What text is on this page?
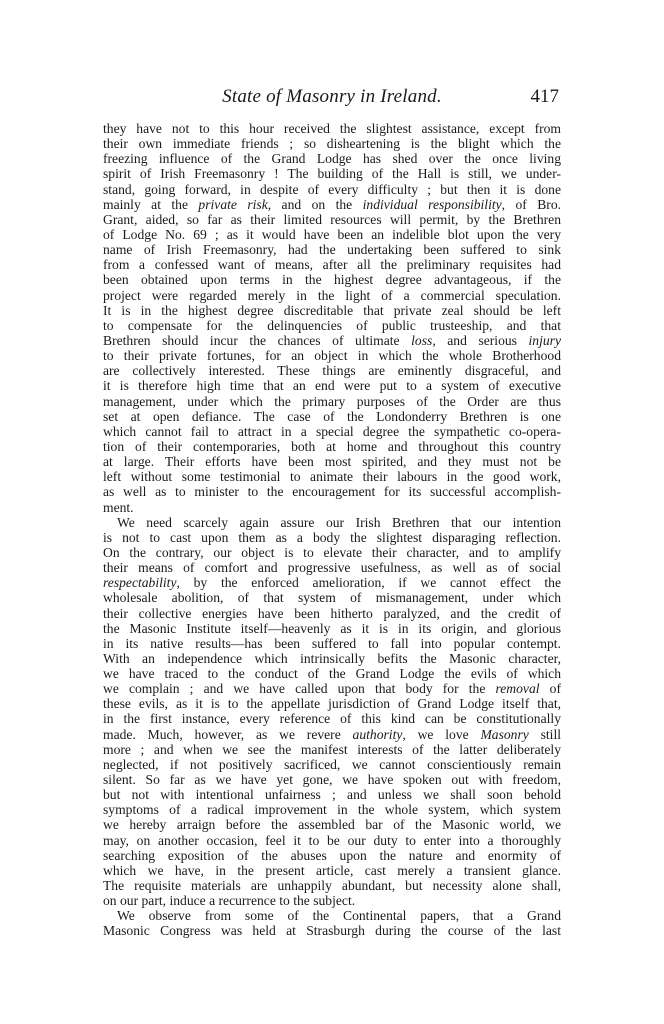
State of Masonry in Ireland.	417
they have not to this hour received the slightest assistance, except from
their own immediate friends ; so disheartening is the blight which the
freezing influence of the Grand Lodge has shed over the once living
spirit of Irish Freemasonry ! The building of the Hall is still, we under-
stand, going forward, in despite of every difficulty ; but then it is done
mainly at the private risk, and on the individual responsibility, of Bro.
Grant, aided, so far as their limited resources will permit, by the Brethren
of Lodge No. 69 ; as it would have been an indelible blot upon the very
name of Irish Freemasonry, had the undertaking been suffered to sink
from a confessed want of means, after all the preliminary requisites had
been obtained upon terms in the highest degree advantageous, if the
project were regarded merely in the light of a commercial speculation.
It is in the highest degree discreditable that private zeal should be left
to compensate for the delinquencies of public trusteeship, and that
Brethren should incur the chances of ultimate loss, and serious injury
to their private fortunes, for an object in which the whole Brotherhood
are collectively interested. These things are eminently disgraceful, and
it is therefore high time that an end were put to a system of executive
management, under which the primary purposes of the Order are thus
set at open defiance. The case of the Londonderry Brethren is one
which cannot fail to attract in a special degree the sympathetic co-opera-
tion of their contemporaries, both at home and throughout this country
at large. Their efforts have been most spirited, and they must not be
left without some testimonial to animate their labours in the good work,
as well as to minister to the encouragement for its successful accomplish-
ment.
We need scarcely again assure our Irish Brethren that our intention
is not to cast upon them as a body the slightest disparaging reflection.
On the contrary, our object is to elevate their character, and to amplify
their means of comfort and progressive usefulness, as well as of social
respectability, by the enforced amelioration, if we cannot effect the
wholesale abolition, of that system of mismanagement, under which
their collective energies have been hitherto paralyzed, and the credit of
the Masonic Institute itself—heavenly as it is in its origin, and glorious
in its native results—has been suffered to fall into popular contempt.
With an independence which intrinsically befits the Masonic character,
we have traced to the conduct of the Grand Lodge the evils of which
we complain ; and we have called upon that body for the removal of
these evils, as it is to the appellate jurisdiction of Grand Lodge itself that,
in the first instance, every reference of this kind can be constitutionally
made. Much, however, as we revere authority, we love Masonry still
more ; and when we see the manifest interests of the latter deliberately
neglected, if not positively sacrificed, we cannot conscientiously remain
silent. So far as we have yet gone, we have spoken out with freedom,
but not with intentional unfairness ; and unless we shall soon behold
symptoms of a radical improvement in the whole system, which system
we hereby arraign before the assembled bar of the Masonic world, we
may, on another occasion, feel it to be our duty to enter into a thoroughly
searching exposition of the abuses upon the nature and enormity of
which we have, in the present article, cast merely a transient glance.
The requisite materials are unhappily abundant, but necessity alone shall,
on our part, induce a recurrence to the subject.
We observe from some of the Continental papers, that a Grand
Masonic Congress was held at Strasburgh during the course of the last
